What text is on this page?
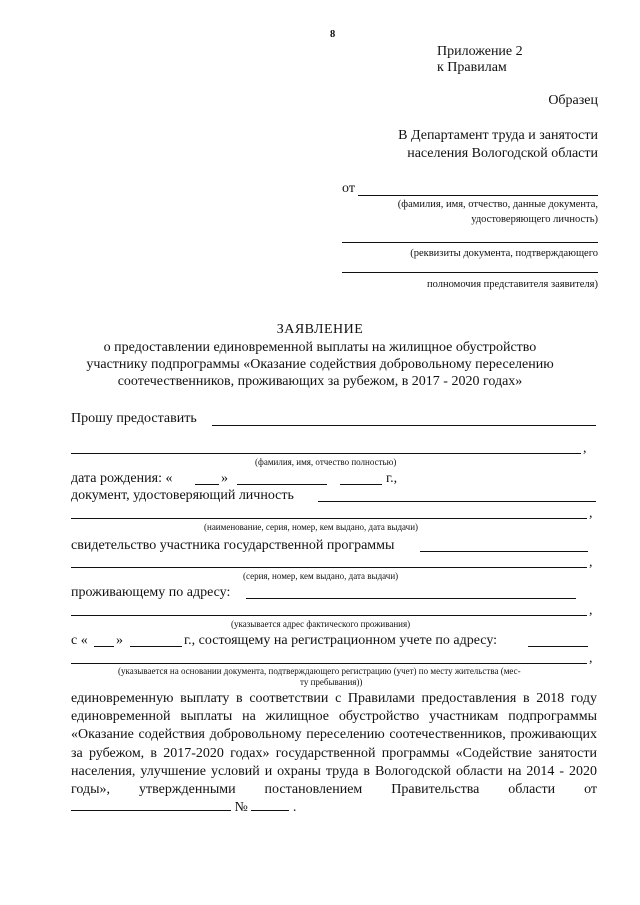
8
Приложение 2
к Правилам
Образец
В Департамент труда и занятости
населения Вологодской области
от
(фамилия, имя, отчество, данные документа,
удостоверяющего личность)
(реквизиты документа, подтверждающего
полномочия представителя заявителя)
ЗАЯВЛЕНИЕ
о предоставлении единовременной выплаты на жилищное обустройство
участнику подпрограммы «Оказание содействия добровольному переселению
соотечественников, проживающих за рубежом, в 2017 - 2020 годах»
Прошу предоставить
,
(фамилия, имя, отчество полностью)
дата рождения: «	»	г.,
документ, удостоверяющий личность
,
(наименование, серия, номер, кем выдано, дата выдачи)
свидетельство участника государственной программы
,
(серия, номер, кем выдано, дата выдачи)
проживающему по адресу:
,
(указывается адрес фактического проживания)
с « »	г., состоящему на регистрационном учете по адресу:
,
(указывается на основании документа, подтверждающего регистрацию (учет) по месту жительства (мес-
ту пребывания))
единовременную выплату в соответствии с Правилами предоставления в 2018 году единовременной выплаты на жилищное обустройство участникам подпрограммы «Оказание содействия добровольному переселению соотечественников, проживающих за рубежом, в 2017-2020 годах» государственной программы «Содействие занятости населения, улучшение условий и охраны труда в Вологодской области на 2014 - 2020 годы», утвержденными постановлением Правительства области от  №	.
